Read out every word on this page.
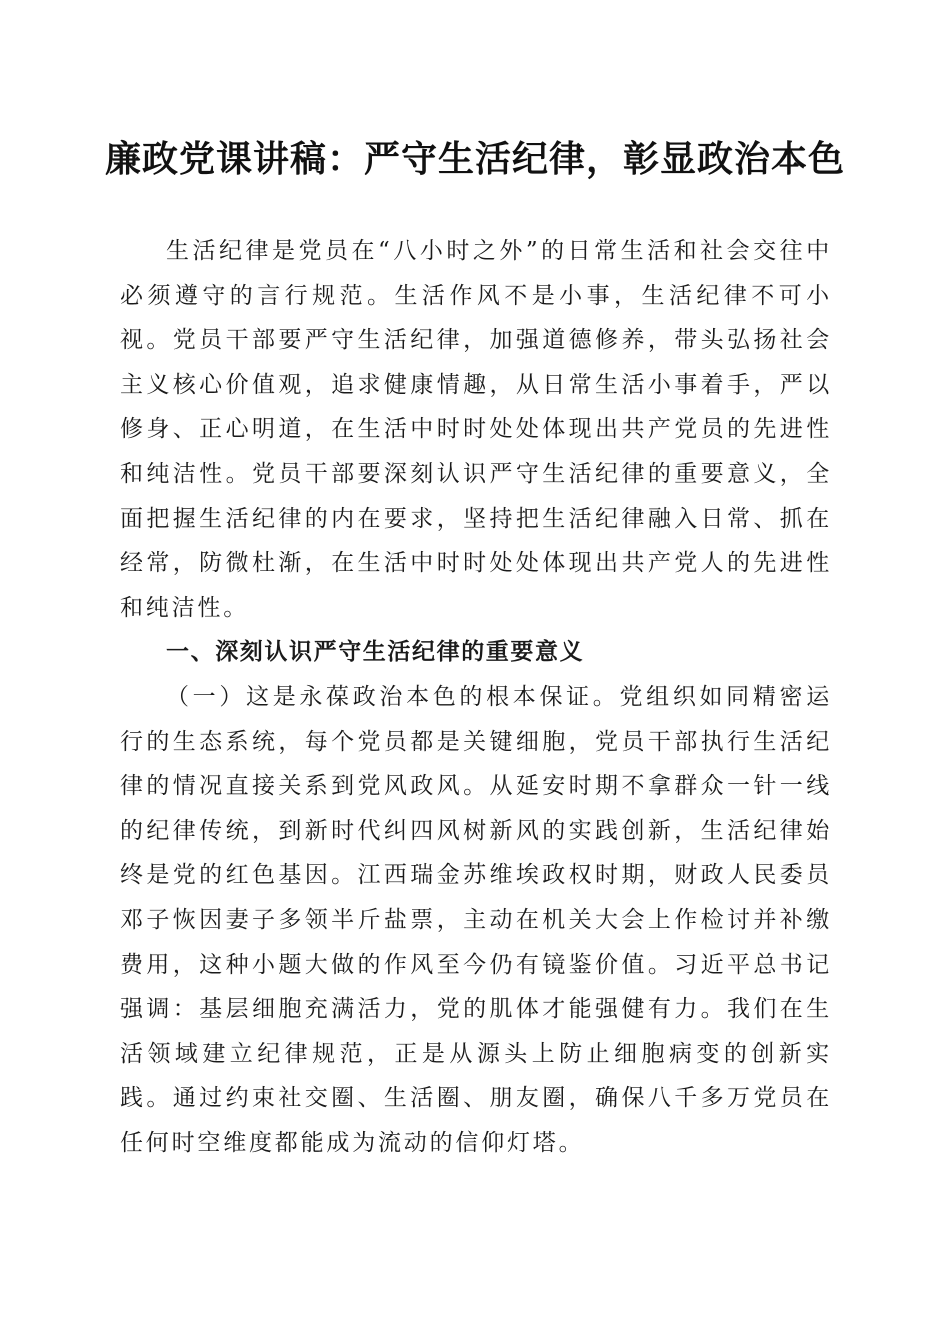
廉政党课讲稿：严守生活纪律，彰显政治本色

生活纪律是党员在“八小时之外”的日常生活和社会交往中必须遵守的言行规范。生活作风不是小事，生活纪律不可小视。党员干部要严守生活纪律，加强道德修养，带头弘扬社会主义核心价值观，追求健康情趣，从日常生活小事着手，严以修身、正心明道，在生活中时时处处体现出共产党员的先进性和纯洁性。党员干部要深刻认识严守生活纪律的重要意义，全面把握生活纪律的内在要求，坚持把生活纪律融入日常、抓在经常，防微杜渐，在生活中时时处处体现出共产党人的先进性和纯洁性。

一、深刻认识严守生活纪律的重要意义

（一）这是永葆政治本色的根本保证。党组织如同精密运行的生态系统，每个党员都是关键细胞，党员干部执行生活纪律的情况直接关系到党风政风。从延安时期不拿群众一针一线的纪律传统，到新时代纠四风树新风的实践创新，生活纪律始终是党的红色基因。江西瑞金苏维埃政权时期，财政人民委员邓子恢因妻子多领半斤盐票，主动在机关大会上作检讨并补缴费用，这种小题大做的作风至今仍有镜鉴价值。习近平总书记强调：基层细胞充满活力，党的肌体才能强健有力。我们在生活领域建立纪律规范，正是从源头上防止细胞病变的创新实践。通过约束社交圈、生活圈、朋友圈，确保八千多万党员在任何时空维度都能成为流动的信仰灯塔。
